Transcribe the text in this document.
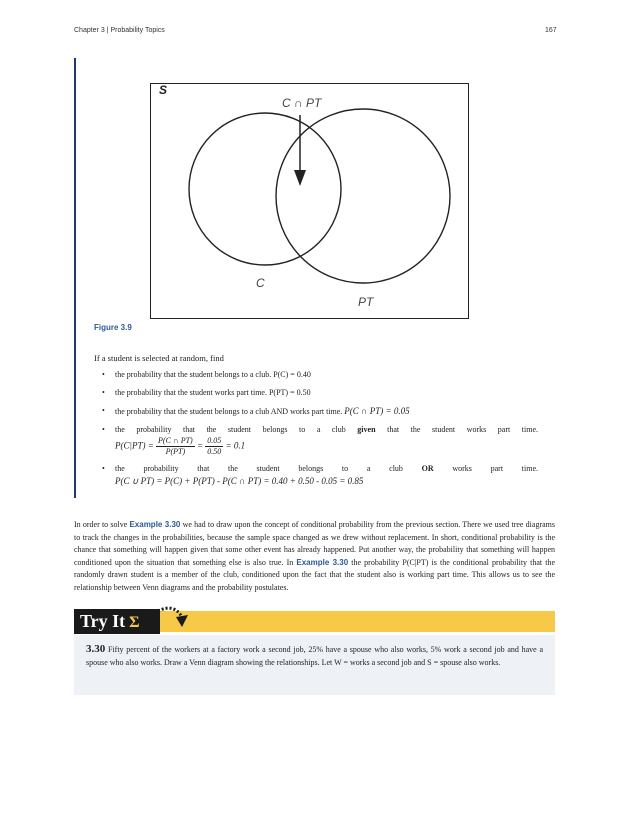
Chapter 3 | Probability Topics	167
S
C ∩ PT
C
PT
Figure 3.9
If a student is selected at random, find
• the probability that the student belongs to a club. P(C) = 0.40
• the probability that the student works part time. P(PT) = 0.50
• the probability that the student belongs to a club AND works part time. P(C ∩ PT) = 0.05
• the probability that the student belongs to a club given that the student works part time.
$P(C|PT) = \frac{P(C \cap PT)}{P(PT)} = \frac{0.05}{0.50} = 0.1$
• the probability that the student belongs to a club OR works part time.
P(C ∪ PT) = P(C) + P(PT) - P(C ∩ PT) = 0.40 + 0.50 - 0.05 = 0.85

In order to solve Example 3.30 we had to draw upon the concept of conditional probability from the previous section. There we used tree diagrams to track the changes in the probabilities, because the sample space changed as we drew without replacement. In short, conditional probability is the chance that something will happen given that some other event has already happened. Put another way, the probability that something will happen conditioned upon the situation that something else is also true. In Example 3.30 the probability P(C|PT) is the conditional probability that the randomly drawn student is a member of the club, conditioned upon the fact that the student also is working part time. This allows us to see the relationship between Venn diagrams and the probability postulates.

Try It Σ
3.30 Fifty percent of the workers at a factory work a second job, 25% have a spouse who also works, 5% work a second job and have a spouse who also works. Draw a Venn diagram showing the relationships. Let W = works a second job and S = spouse also works.
